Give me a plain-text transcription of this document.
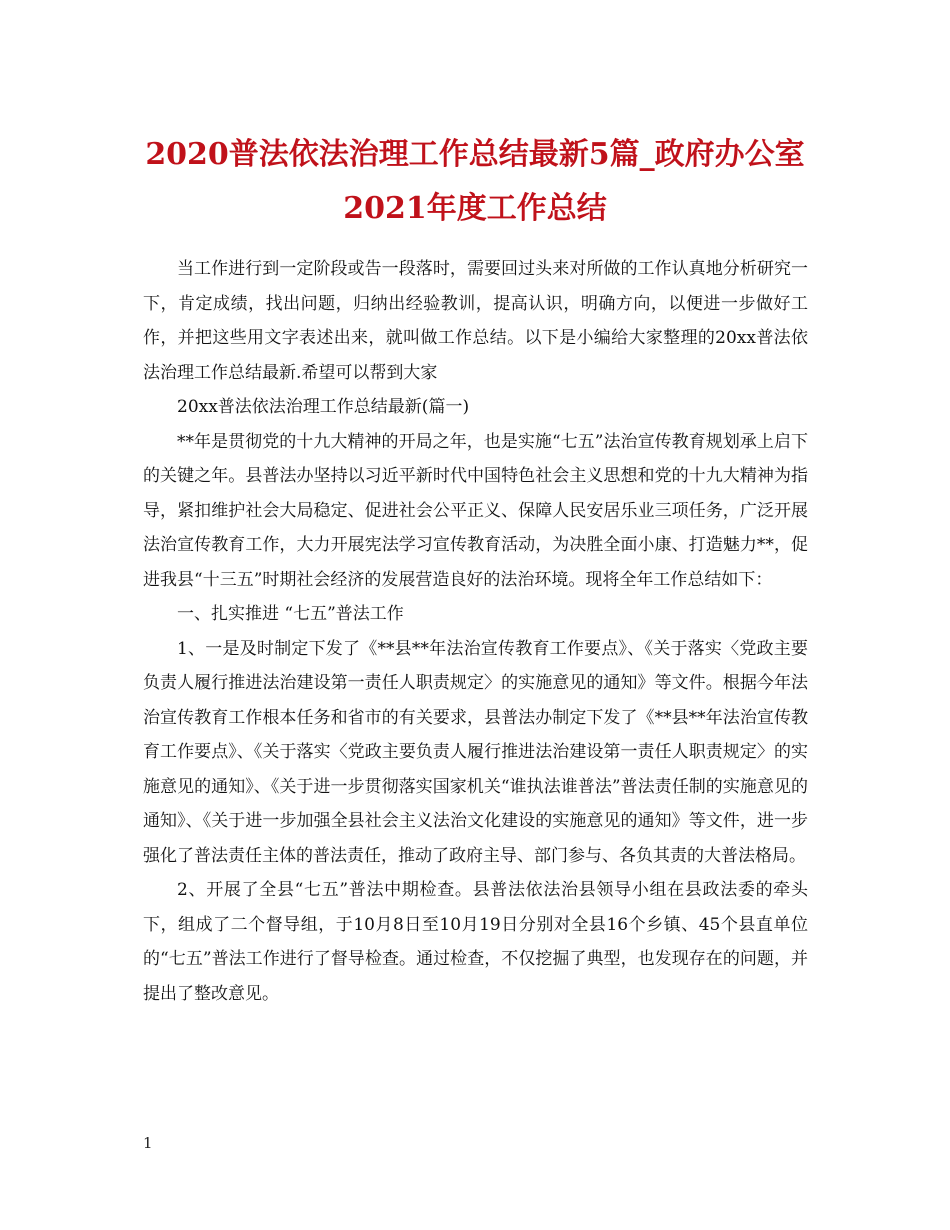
2020普法依法治理工作总结最新5篇_政府办公室2021年度工作总结

当工作进行到一定阶段或告一段落时，需要回过头来对所做的工作认真地分析研究一下，肯定成绩，找出问题，归纳出经验教训，提高认识，明确方向，以便进一步做好工作，并把这些用文字表述出来，就叫做工作总结。以下是小编给大家整理的20xx普法依法治理工作总结最新.希望可以帮到大家

20xx普法依法治理工作总结最新(篇一)

**年是贯彻党的十九大精神的开局之年，也是实施“七五”法治宣传教育规划承上启下的关键之年。县普法办坚持以习近平新时代中国特色社会主义思想和党的十九大精神为指导，紧扣维护社会大局稳定、促进社会公平正义、保障人民安居乐业三项任务，广泛开展法治宣传教育工作，大力开展宪法学习宣传教育活动，为决胜全面小康、打造魅力**，促进我县“十三五”时期社会经济的发展营造良好的法治环境。现将全年工作总结如下：

一、扎实推进 “七五”普法工作

1、一是及时制定下发了《**县**年法治宣传教育工作要点》、《关于落实〈党政主要负责人履行推进法治建设第一责任人职责规定〉的实施意见的通知》等文件。根据今年法治宣传教育工作根本任务和省市的有关要求，县普法办制定下发了《**县**年法治宣传教育工作要点》、《关于落实〈党政主要负责人履行推进法治建设第一责任人职责规定〉的实施意见的通知》、《关于进一步贯彻落实国家机关“谁执法谁普法”普法责任制的实施意见的通知》、《关于进一步加强全县社会主义法治文化建设的实施意见的通知》等文件，进一步强化了普法责任主体的普法责任，推动了政府主导、部门参与、各负其责的大普法格局。

2、开展了全县“七五”普法中期检查。县普法依法治县领导小组在县政法委的牵头下，组成了二个督导组，于10月8日至10月19日分别对全县16个乡镇、45个县直单位的“七五”普法工作进行了督导检查。通过检查，不仅挖掘了典型，也发现存在的问题，并提出了整改意见。

1
